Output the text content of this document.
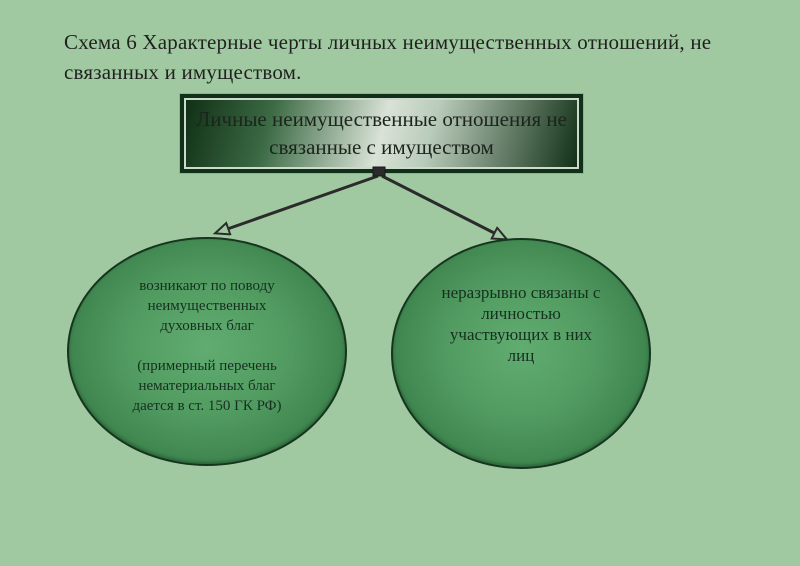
Схема 6 Характерные черты личных неимущественных отношений, не
связанных и имуществом.
Личные неимущественные отношения не
связанные с имуществом
возникают по поводу
неимущественных
духовных благ

(примерный перечень
нематериальных благ
дается в ст. 150 ГК РФ)
неразрывно связаны с
личностью
участвующих в них
лиц
